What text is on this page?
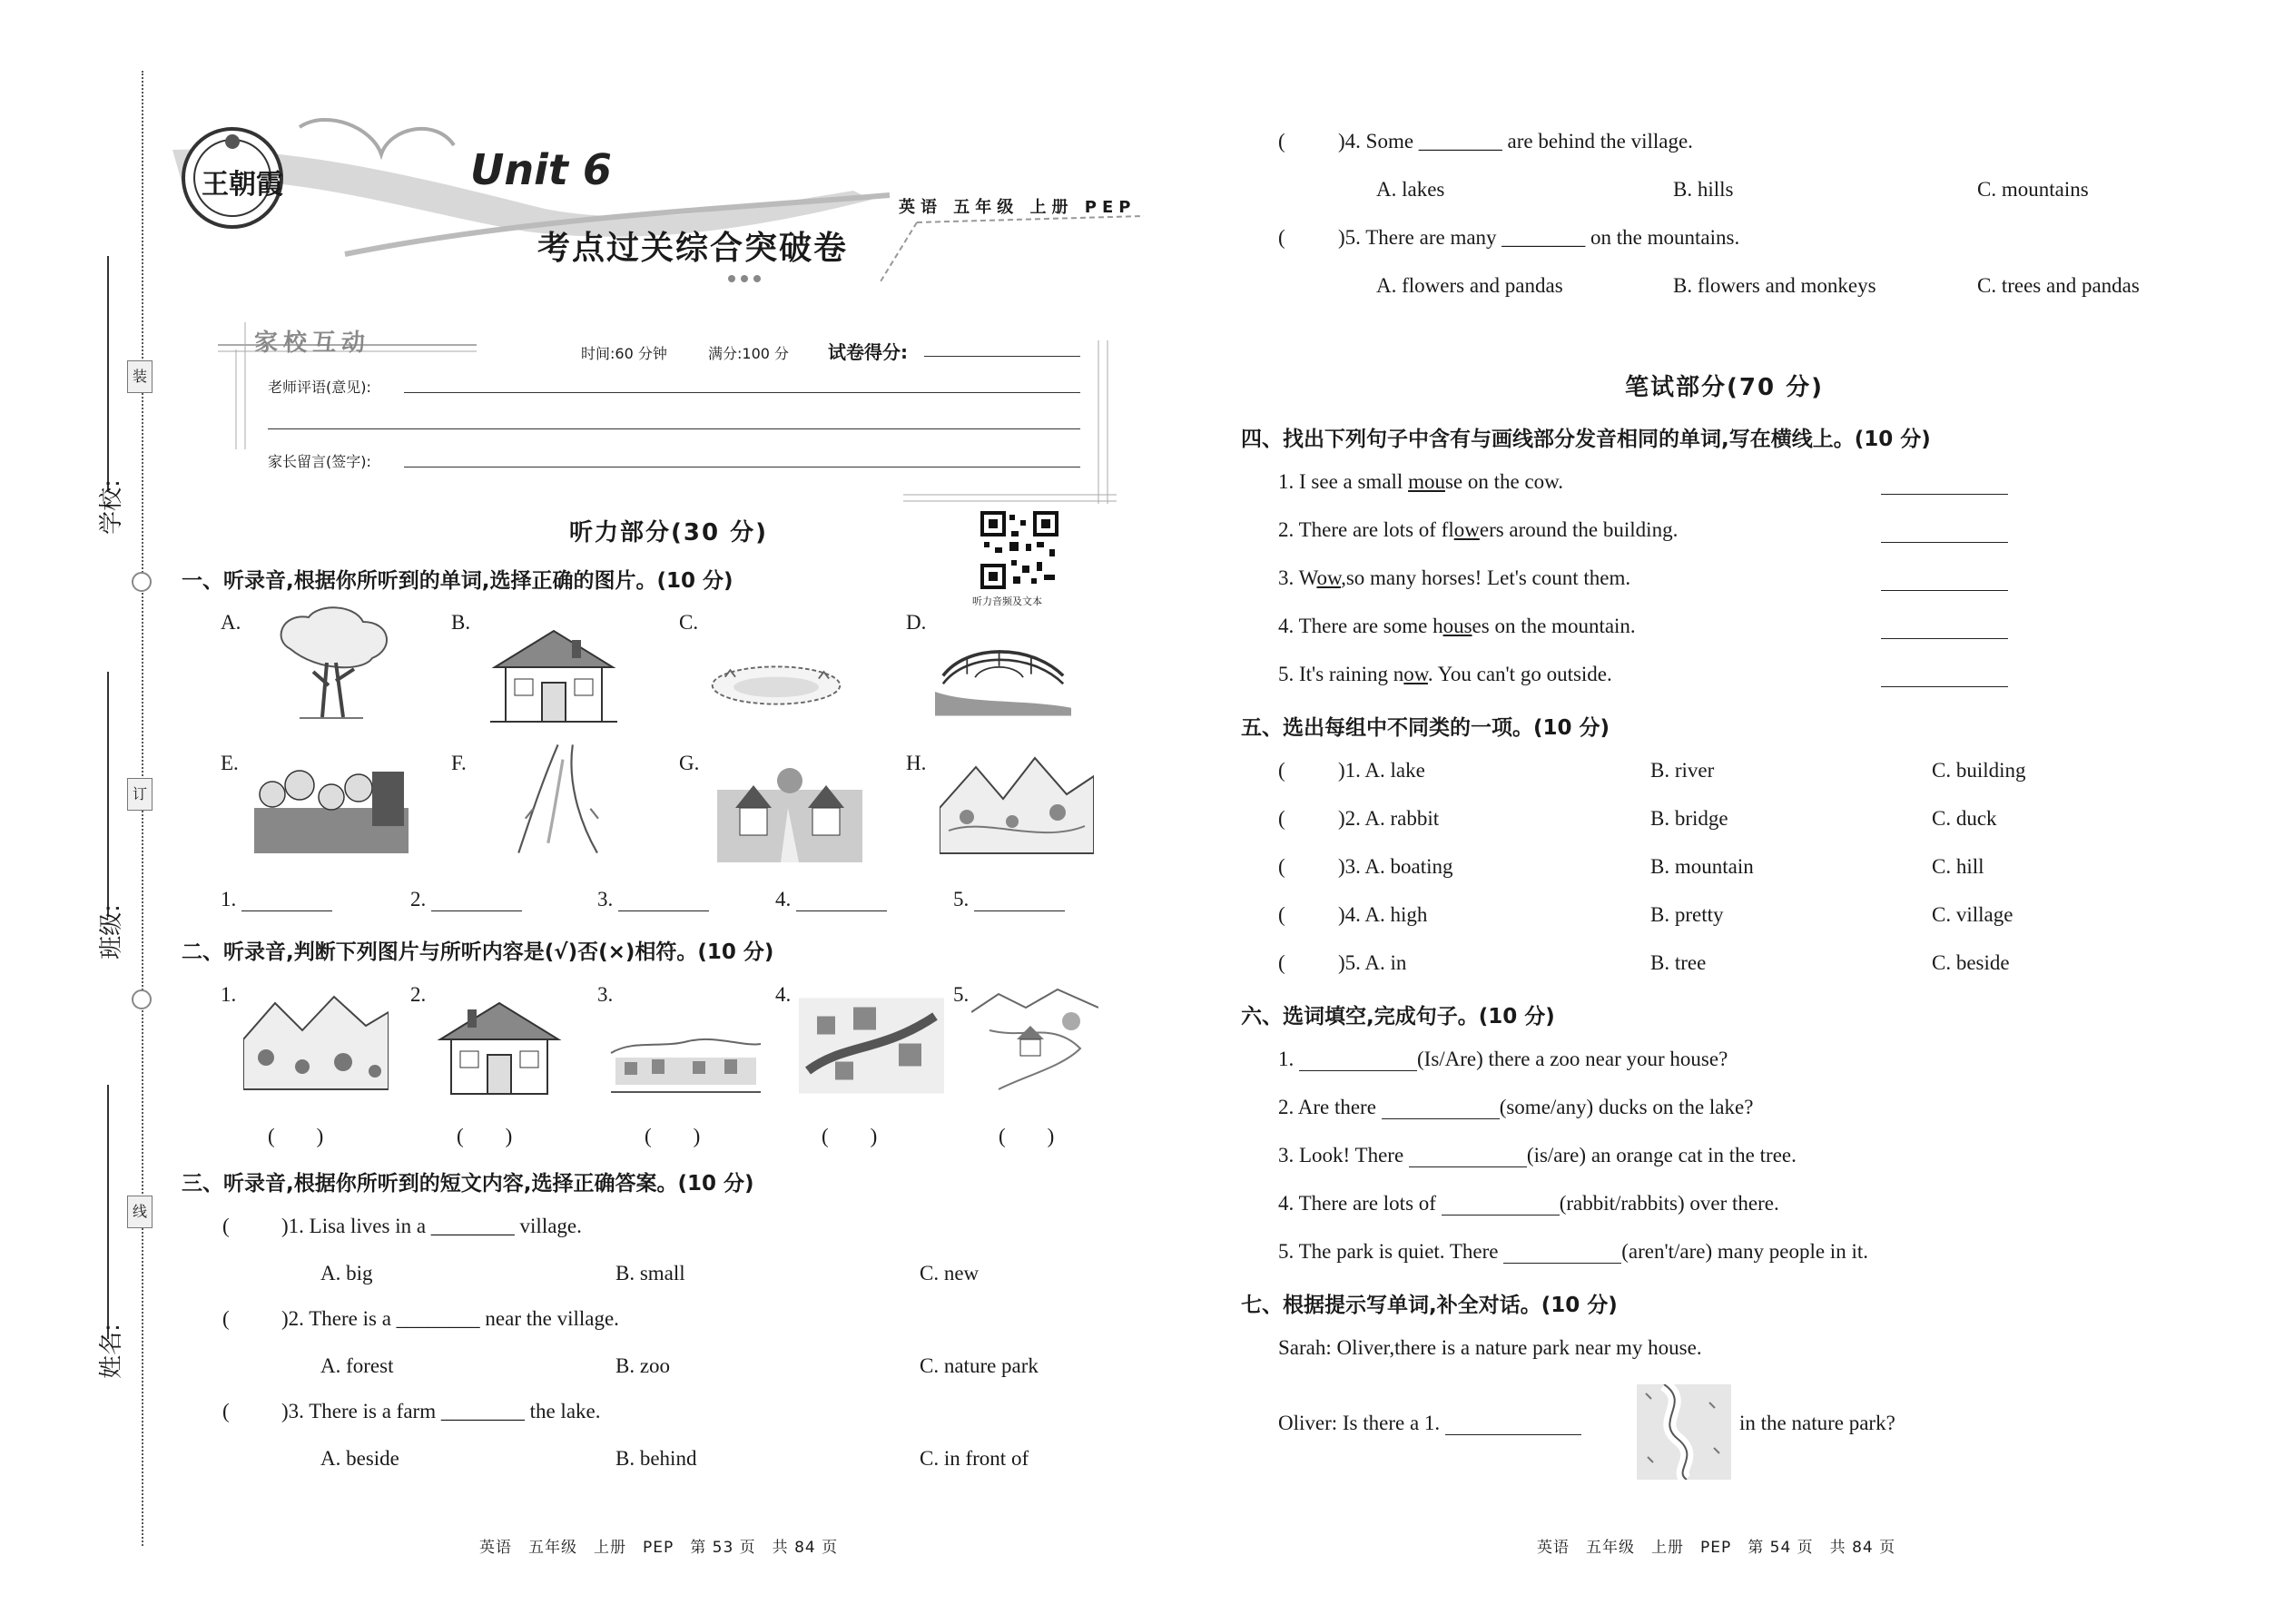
学校:
装
班级:
订
姓名:
线
王朝霞	Unit 6
考点过关综合突破卷
英语 五年级 上册 PEP
家校互动	时间:60 分钟	满分:100 分 试卷得分:
老师评语(意见):
家长留言(签字):
听力部分(30 分)
听力音频及文本
一、听录音,根据你所听到的单词,选择正确的图片。(10 分)
A.	B.	C.	D.
E.	F.	G.	H.
1.	2.	3.	4.	5.
二、听录音,判断下列图片与所听内容是(√)否(×)相符。(10 分)
1.	2.	3.	4.	5.
(　　)	(　　)	(　　)	(　　)	(　　)
三、听录音,根据你所听到的短文内容,选择正确答案。(10 分)
( )1. Lisa lives in a ________ village.
A. big	B. small	C. new
( )2. There is a ________ near the village.
A. forest	B. zoo	C. nature park
( )3. There is a farm ________ the lake.
A. beside	B. behind	C. in front of
英语　五年级　上册　PEP　第 53 页　共 84 页
(	)4. Some ________ are behind the village.
A. lakes	B. hills	C. mountains
(	)5. There are many ________ on the mountains.
A. flowers and pandas	B. flowers and monkeys	C. trees and pandas
笔试部分(70 分)
四、找出下列句子中含有与画线部分发音相同的单词,写在横线上。(10 分)
1. I see a small mouse on the cow.
2. There are lots of flowers around the building.
3. Wow,so many horses! Let's count them.
4. There are some houses on the mountain.
5. It's raining now. You can't go outside.
五、选出每组中不同类的一项。(10 分)
(	)1. A. lake	B. river	C. building
(	)2. A. rabbit	B. bridge	C. duck
(	)3. A. boating	B. mountain	C. hill
(	)4. A. high	B. pretty	C. village
(	)5. A. in	B. tree	C. beside
六、选词填空,完成句子。(10 分)
1.	(Is/Are) there a zoo near your house?
2. Are there	(some/any) ducks on the lake?
3. Look! There	(is/are) an orange cat in the tree.
4. There are lots of	(rabbit/rabbits) over there.
5. The park is quiet. There	(aren't/are) many people in it.
七、根据提示写单词,补全对话。(10 分)
Sarah: Oliver,there is a nature park near my house.
Oliver: Is there a 1.	in the nature park?
英语　五年级　上册　PEP　第 54 页　共 84 页
